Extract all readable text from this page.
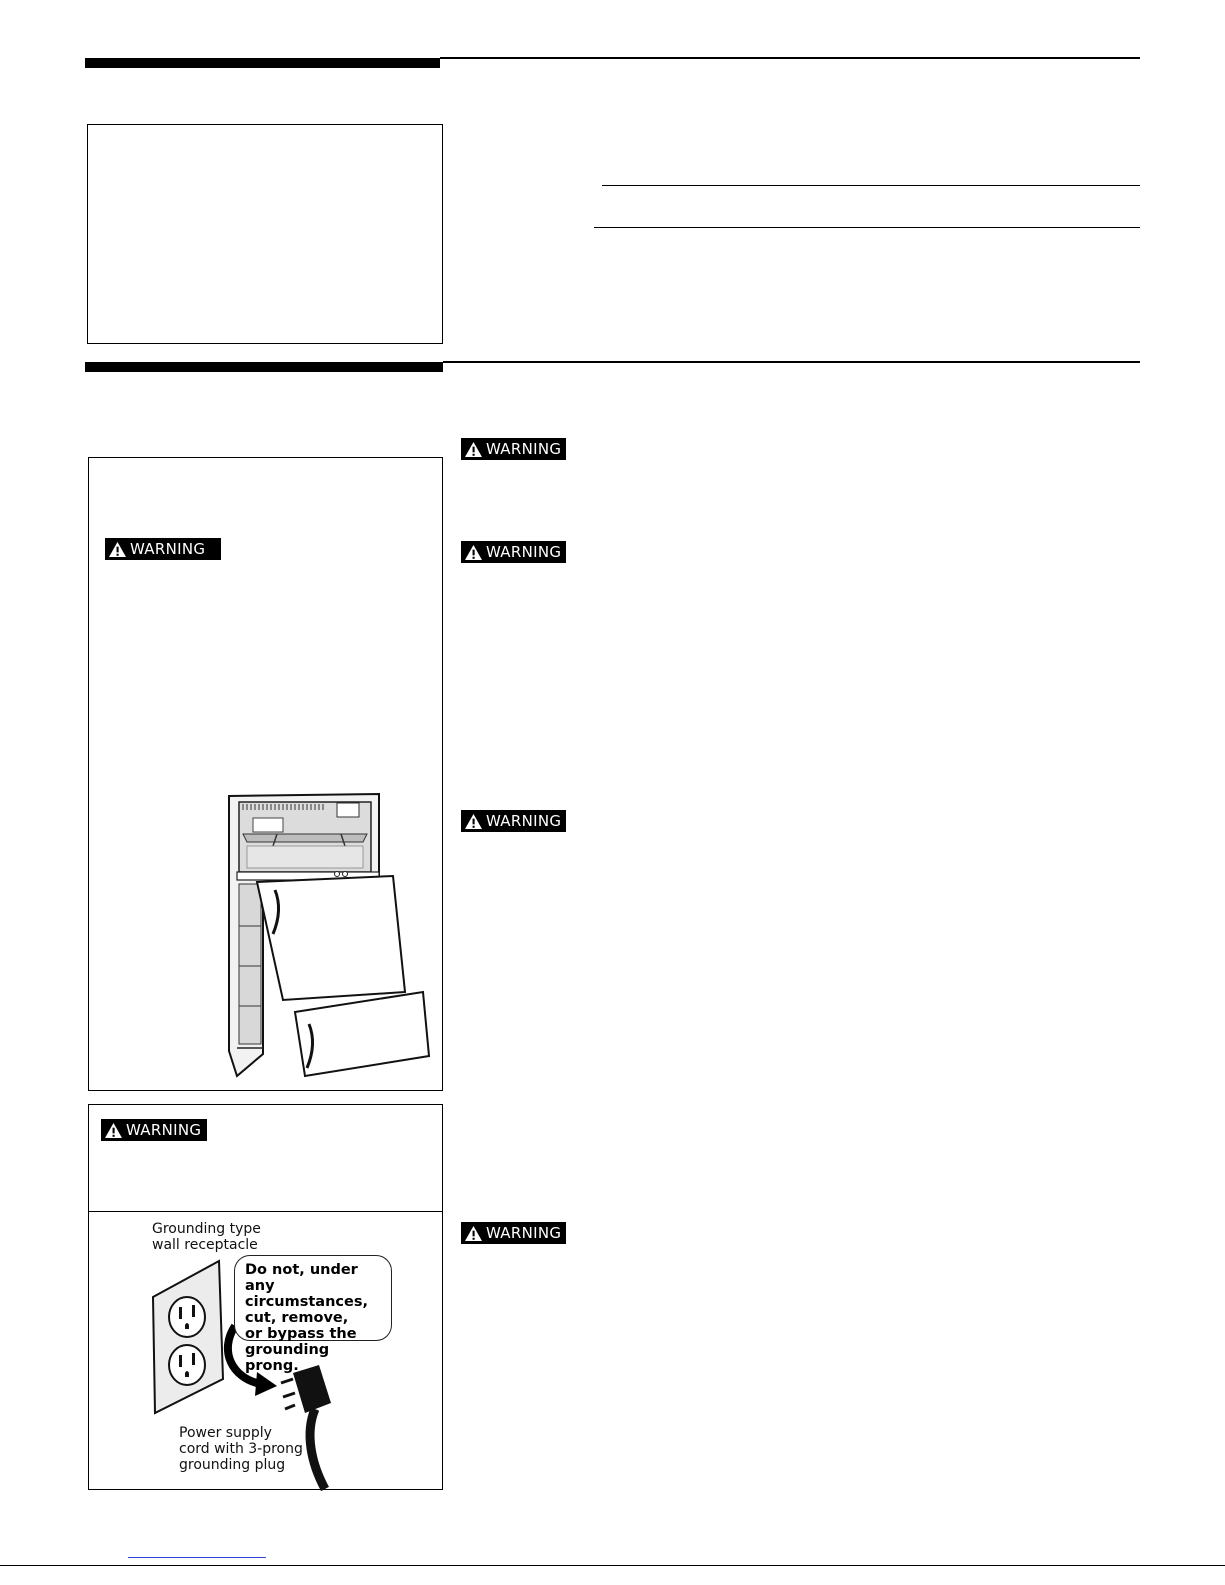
WARNING
WARNING
WARNING
WARNING
WARNING
WARNING
Grounding type
wall receptacle
Do not, under
any circumstances,
cut, remove,
or bypass the
grounding prong.
Power supply
cord with 3-prong
grounding plug
